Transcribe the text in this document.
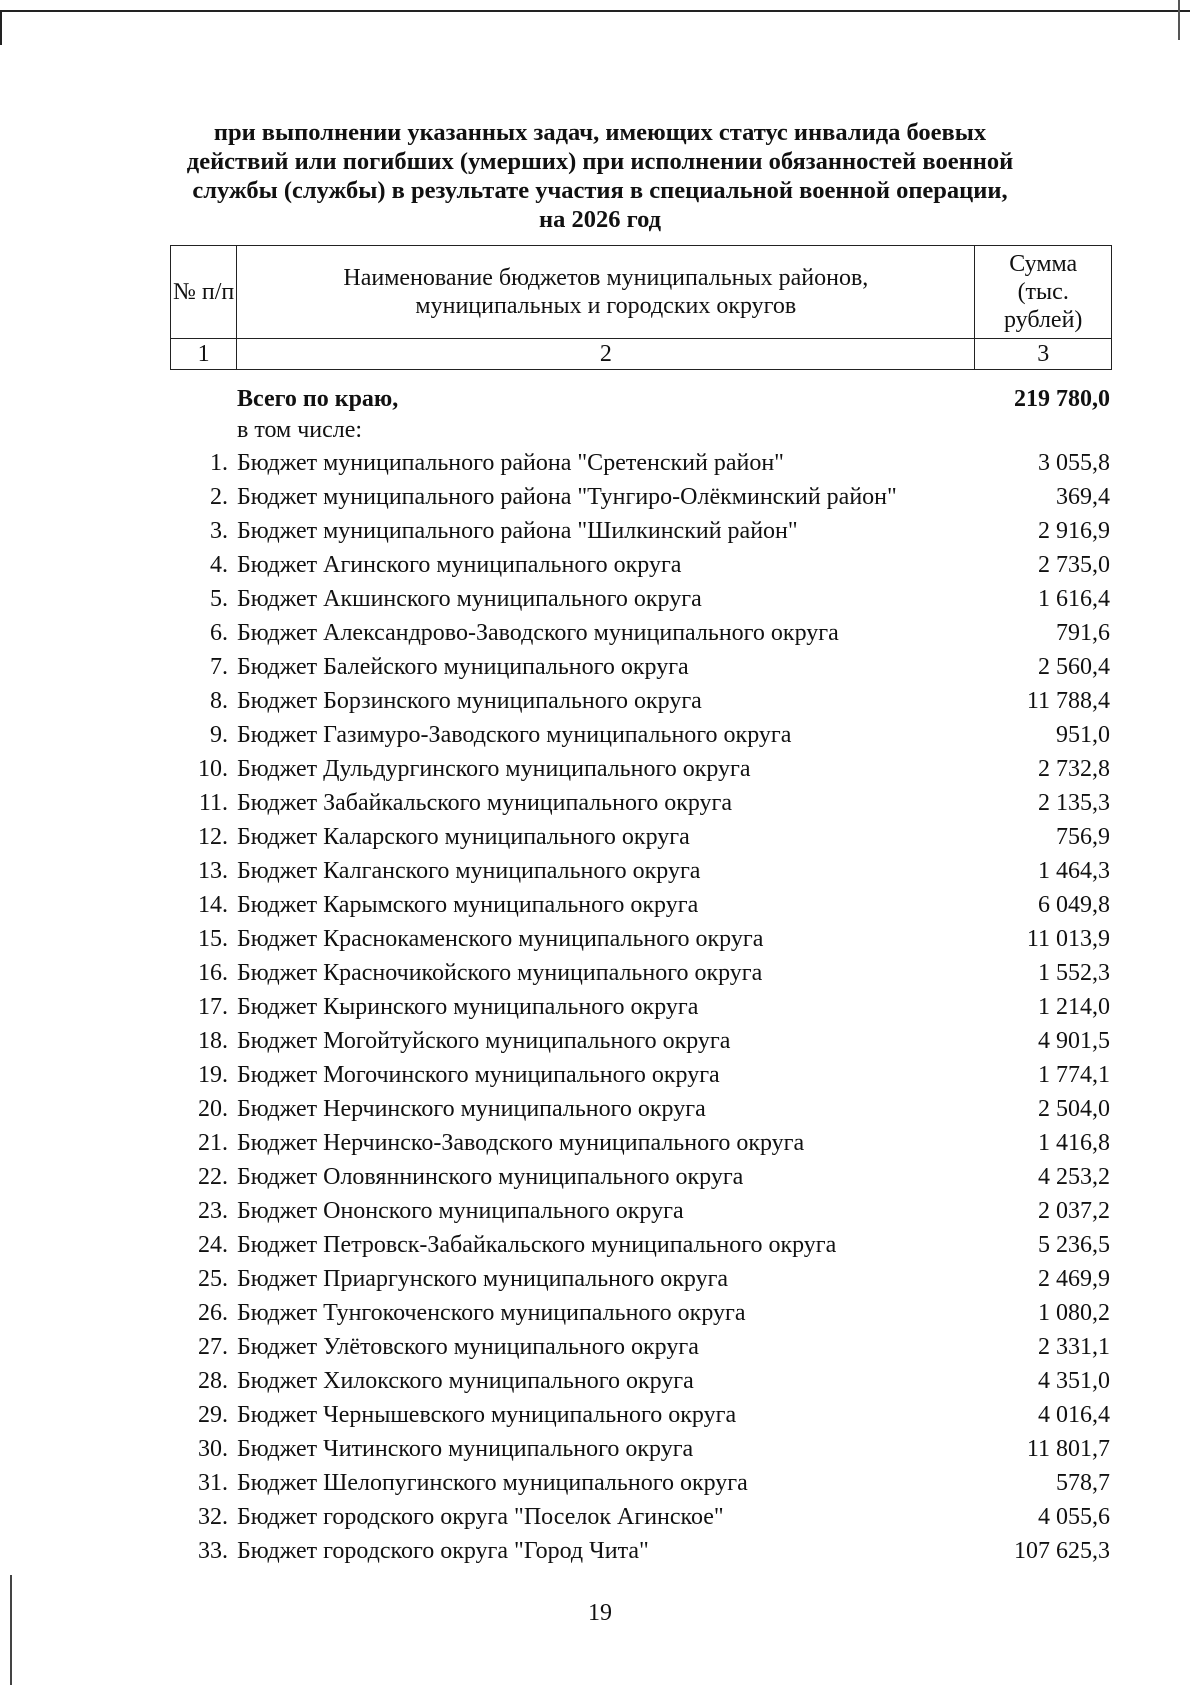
при выполнении указанных задач, имеющих статус инвалида боевых
действий или погибших (умерших) при исполнении обязанностей военной
службы (службы) в результате участия в специальной военной операции,
на 2026 год
№ п/п	Наименование бюджетов муниципальных районов, муниципальных и городских округов	Сумма (тыс. рублей)
1	2	3
Всего по краю,	219 780,0
в том числе:
1. Бюджет муниципального района "Сретенский район"	3 055,8
2. Бюджет муниципального района "Тунгиро-Олёкминский район"	369,4
3. Бюджет муниципального района "Шилкинский район"	2 916,9
4. Бюджет Агинского муниципального округа	2 735,0
5. Бюджет Акшинского муниципального округа	1 616,4
6. Бюджет Александрово-Заводского муниципального округа	791,6
7. Бюджет Балейского муниципального округа	2 560,4
8. Бюджет Борзинского муниципального округа	11 788,4
9. Бюджет Газимуро-Заводского муниципального округа	951,0
10. Бюджет Дульдургинского муниципального округа	2 732,8
11. Бюджет Забайкальского муниципального округа	2 135,3
12. Бюджет Каларского муниципального округа	756,9
13. Бюджет Калганского муниципального округа	1 464,3
14. Бюджет Карымского муниципального округа	6 049,8
15. Бюджет Краснокаменского муниципального округа	11 013,9
16. Бюджет Красночикойского муниципального округа	1 552,3
17. Бюджет Кыринского муниципального округа	1 214,0
18. Бюджет Могойтуйского муниципального округа	4 901,5
19. Бюджет Могочинского муниципального округа	1 774,1
20. Бюджет Нерчинского муниципального округа	2 504,0
21. Бюджет Нерчинско-Заводского муниципального округа	1 416,8
22. Бюджет Оловяннинского муниципального округа	4 253,2
23. Бюджет Ононского муниципального округа	2 037,2
24. Бюджет Петровск-Забайкальского муниципального округа	5 236,5
25. Бюджет Приаргунского муниципального округа	2 469,9
26. Бюджет Тунгокоченского муниципального округа	1 080,2
27. Бюджет Улётовского муниципального округа	2 331,1
28. Бюджет Хилокского муниципального округа	4 351,0
29. Бюджет Чернышевского муниципального округа	4 016,4
30. Бюджет Читинского муниципального округа	11 801,7
31. Бюджет Шелопугинского муниципального округа	578,7
32. Бюджет городского округа "Поселок Агинское"	4 055,6
33. Бюджет городского округа "Город Чита"	107 625,3
19
